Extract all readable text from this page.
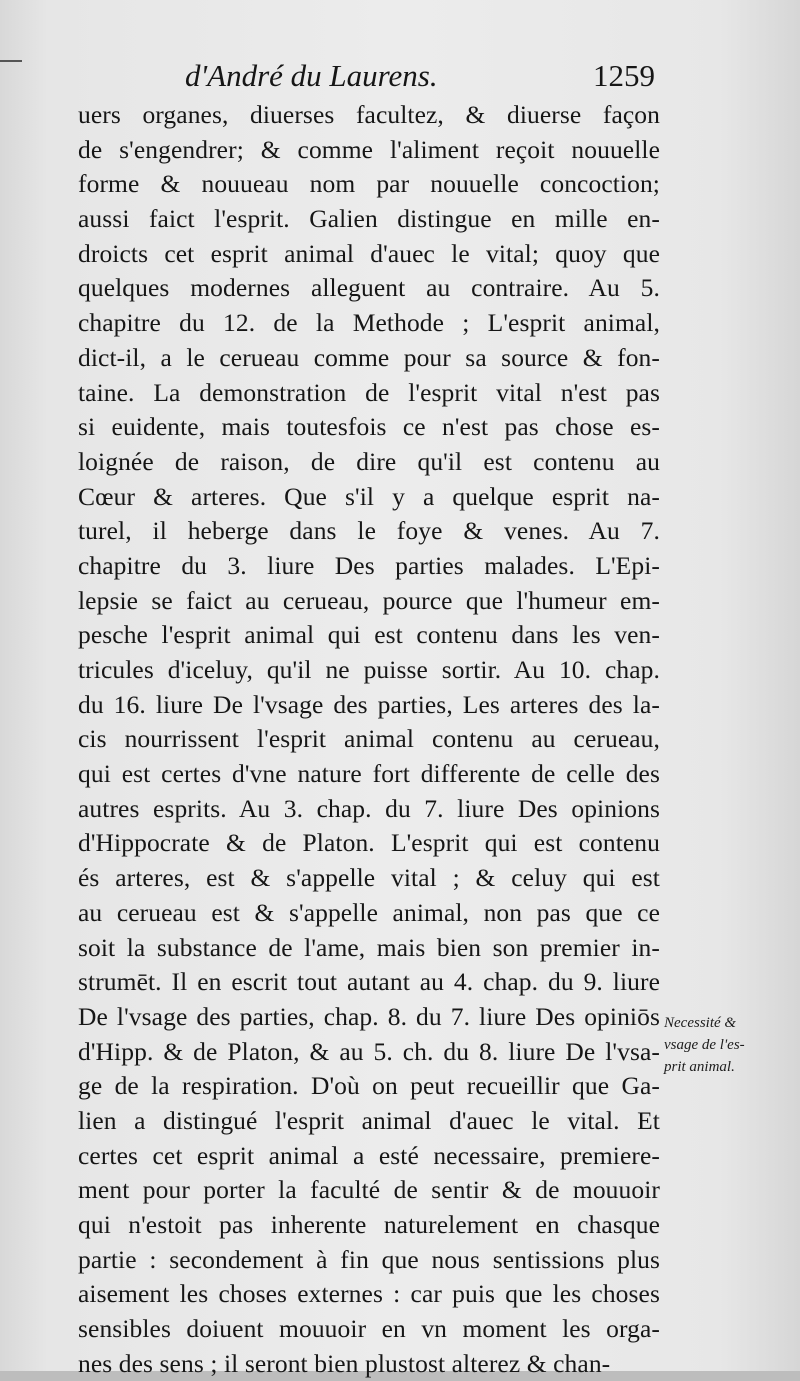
d'André du Laurens.	1259
uers organes, diuerses facultez, & diuerse façon
de s'engendrer; & comme l'aliment reçoit nouuelle
forme & nouueau nom par nouuelle concoction;
aussi faict l'esprit. Galien distingue en mille en-
droicts cet esprit animal d'auec le vital; quoy que
quelques modernes alleguent au contraire. Au 5.
chapitre du 12. de la Methode ; L'esprit animal,
dict-il, a le cerueau comme pour sa source & fon-
taine. La demonstration de l'esprit vital n'est pas
si euidente, mais toutesfois ce n'est pas chose es-
loignée de raison, de dire qu'il est contenu au
Cœur & arteres. Que s'il y a quelque esprit na-
turel, il heberge dans le foye & venes. Au 7.
chapitre du 3. liure Des parties malades. L'Epi-
lepsie se faict au cerueau, pource que l'humeur em-
pesche l'esprit animal qui est contenu dans les ven-
tricules d'iceluy, qu'il ne puisse sortir. Au 10. chap.
du 16. liure De l'vsage des parties, Les arteres des la-
cis nourrissent l'esprit animal contenu au cerueau,
qui est certes d'vne nature fort differente de celle des
autres esprits. Au 3. chap. du 7. liure Des opinions
d'Hippocrate & de Platon. L'esprit qui est contenu
és arteres, est & s'appelle vital ; & celuy qui est
au cerueau est & s'appelle animal, non pas que ce
soit la substance de l'ame, mais bien son premier in-
strumēt. Il en escrit tout autant au 4. chap. du 9. liure
De l'vsage des parties, chap. 8. du 7. liure Des opiniōs
d'Hipp. & de Platon, & au 5. ch. du 8. liure De l'vsa-
ge de la respiration. D'où on peut recueillir que Ga-
lien a distingué l'esprit animal d'auec le vital. Et
certes cet esprit animal a esté necessaire, premiere-
ment pour porter la faculté de sentir & de mouuoir
qui n'estoit pas inherente naturelement en chasque
partie : secondement à fin que nous sentissions plus
aisement les choses externes : car puis que les choses
sensibles doiuent mouuoir en vn moment les orga-
nes des sens ; il seront bien plustost alterez & chan-
Necessité &
vsage de l'es-
prit animal.
